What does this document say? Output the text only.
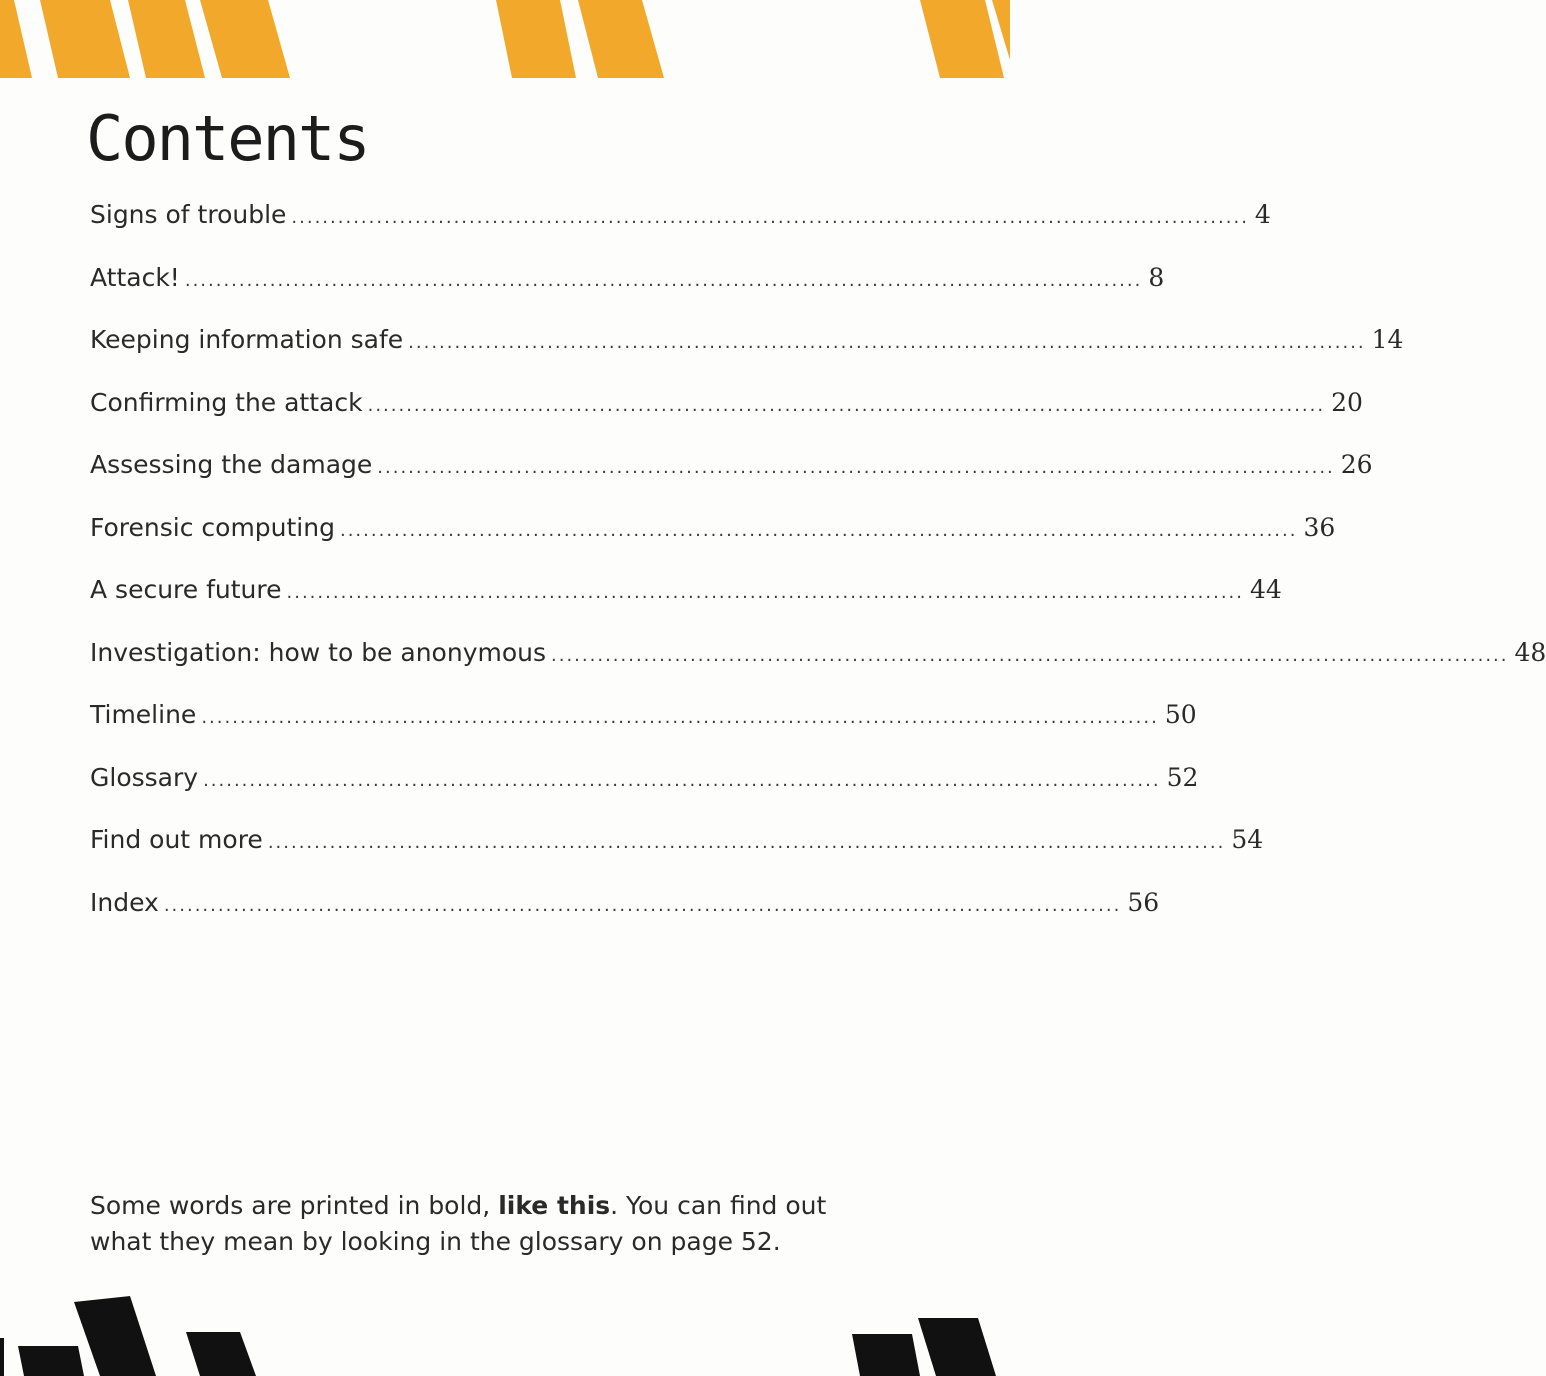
Contents
Signs of trouble ............................................................................................................................ 4
Attack! ............................................................................................................................ 8
Keeping information safe ............................................................................................................................ 14
Confirming the attack ............................................................................................................................ 20
Assessing the damage ............................................................................................................................ 26
Forensic computing ............................................................................................................................ 36
A secure future ............................................................................................................................ 44
Investigation: how to be anonymous ............................................................................................................................ 48
Timeline ............................................................................................................................ 50
Glossary ............................................................................................................................ 52
Find out more ............................................................................................................................ 54
Index ............................................................................................................................ 56

Some words are printed in bold, like this. You can find out what they mean by looking in the glossary on page 52.
